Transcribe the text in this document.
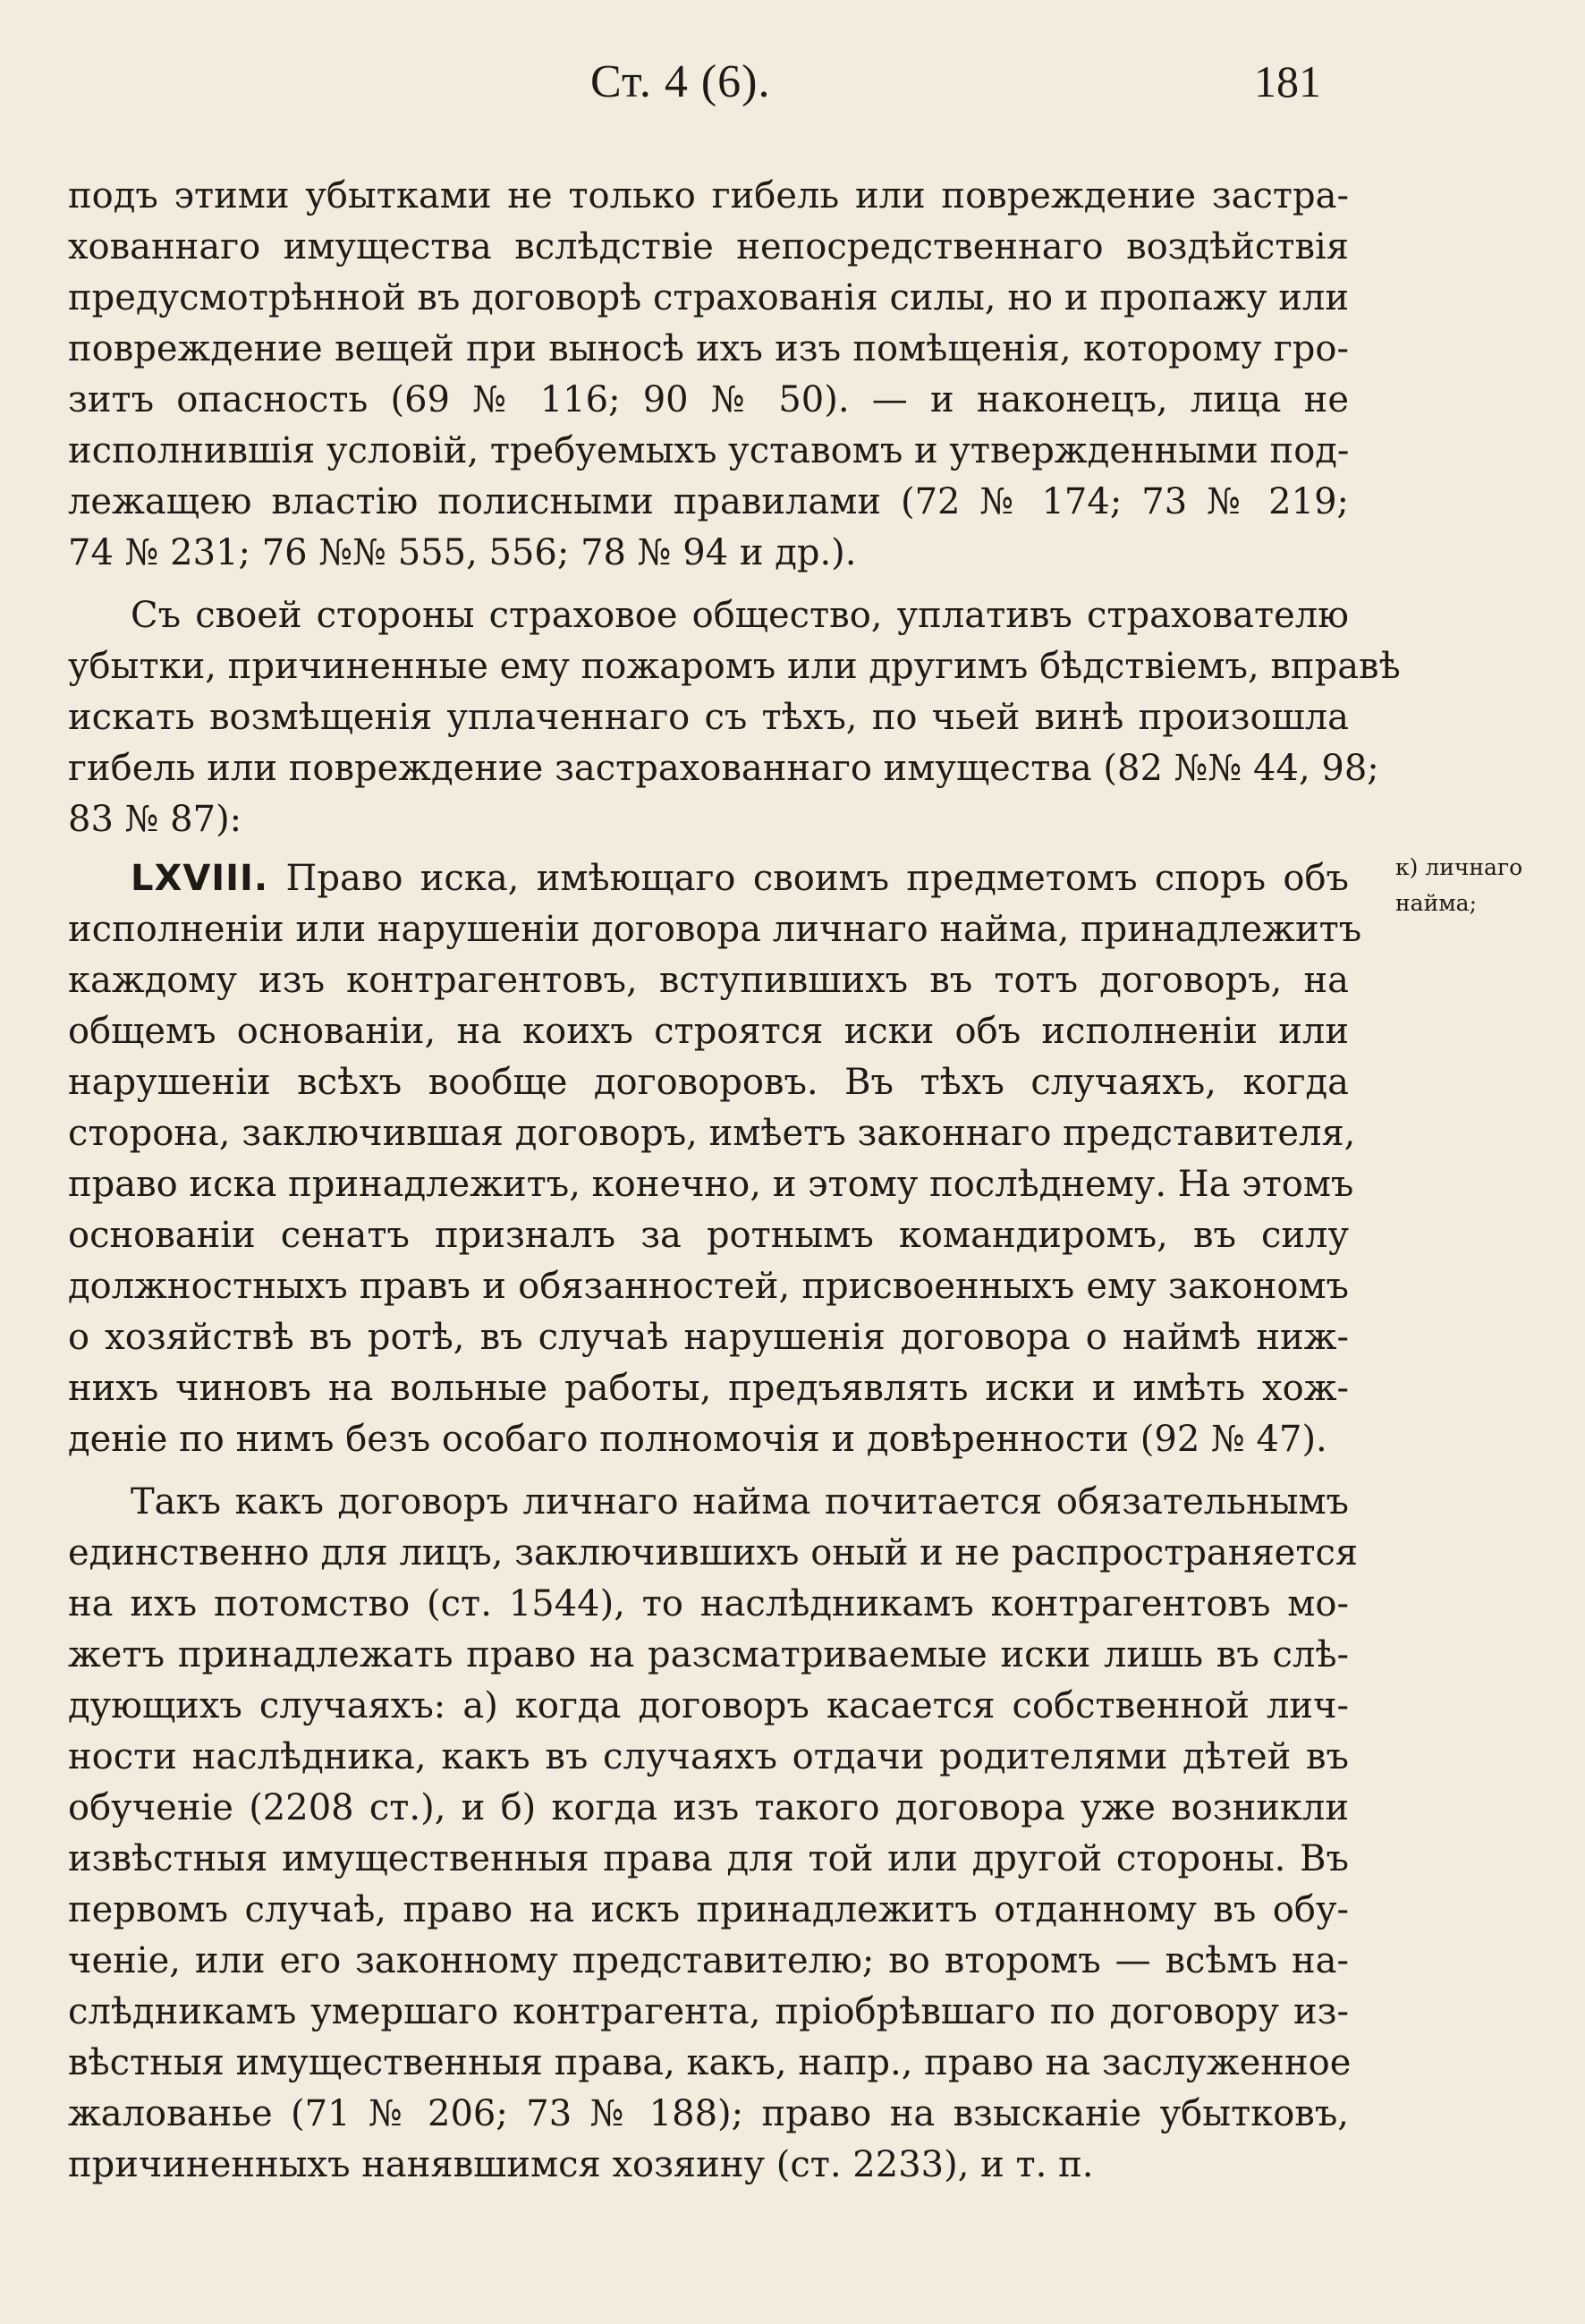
Ст. 4 (6).	181
подъ этими убытками не только гибель или повреждение застра-
хованнаго имущества вслѣдствіе непосредственнаго воздѣйствія
предусмотрѣнной въ договорѣ страхованія силы, но и пропажу или
повреждение вещей при выносѣ ихъ изъ помѣщенія, которому гро-
зитъ опасность (69 № 116; 90 № 50). — и наконецъ, лица не
исполнившія условій, требуемыхъ уставомъ и утвержденными под-
лежащею властію полисными правилами (72 № 174; 73 № 219;
74 № 231; 76 №№ 555, 556; 78 № 94 и др.).
Съ своей стороны страховое общество, уплативъ страхователю
убытки, причиненные ему пожаромъ или другимъ бѣдствіемъ, вправѣ
искать возмѣщенія уплаченнаго съ тѣхъ, по чьей винѣ произошла
гибель или повреждение застрахованнаго имущества (82 №№ 44, 98;
83 № 87):
LXVIII. Право иска, имѣющаго своимъ предметомъ споръ объ
исполненіи или нарушеніи договора личнаго найма, принадлежитъ
каждому изъ контрагентовъ, вступившихъ въ тотъ договоръ, на
общемъ основаніи, на коихъ строятся иски объ исполненіи или
нарушеніи всѣхъ вообще договоровъ. Въ тѣхъ случаяхъ, когда
сторона, заключившая договоръ, имѣетъ законнаго представителя,
право иска принадлежитъ, конечно, и этому послѣднему. На этомъ
основаніи сенатъ призналъ за ротнымъ командиромъ, въ силу
должностныхъ правъ и обязанностей, присвоенныхъ ему закономъ
о хозяйствѣ въ ротѣ, въ случаѣ нарушенія договора о наймѣ ниж-
нихъ чиновъ на вольные работы, предъявлять иски и имѣть хож-
деніе по нимъ безъ особаго полномочія и довѣренности (92 № 47).
Такъ какъ договоръ личнаго найма почитается обязательнымъ
единственно для лицъ, заключившихъ оный и не распространяется
на ихъ потомство (ст. 1544), то наслѣдникамъ контрагентовъ мо-
жетъ принадлежать право на разсматриваемые иски лишь въ слѣ-
дующихъ случаяхъ: а) когда договоръ касается собственной лич-
ности наслѣдника, какъ въ случаяхъ отдачи родителями дѣтей въ
обученіе (2208 ст.), и б) когда изъ такого договора уже возникли
извѣстныя имущественныя права для той или другой стороны. Въ
первомъ случаѣ, право на искъ принадлежитъ отданному въ обу-
ченіе, или его законному представителю; во второмъ — всѣмъ на-
слѣдникамъ умершаго контрагента, пріобрѣвшаго по договору из-
вѣстныя имущественныя права, какъ, напр., право на заслуженное
жалованье (71 № 206; 73 № 188); право на взысканіе убытковъ,
причиненныхъ нанявшимся хозяину (ст. 2233), и т. п.
к) личнаго
найма;
